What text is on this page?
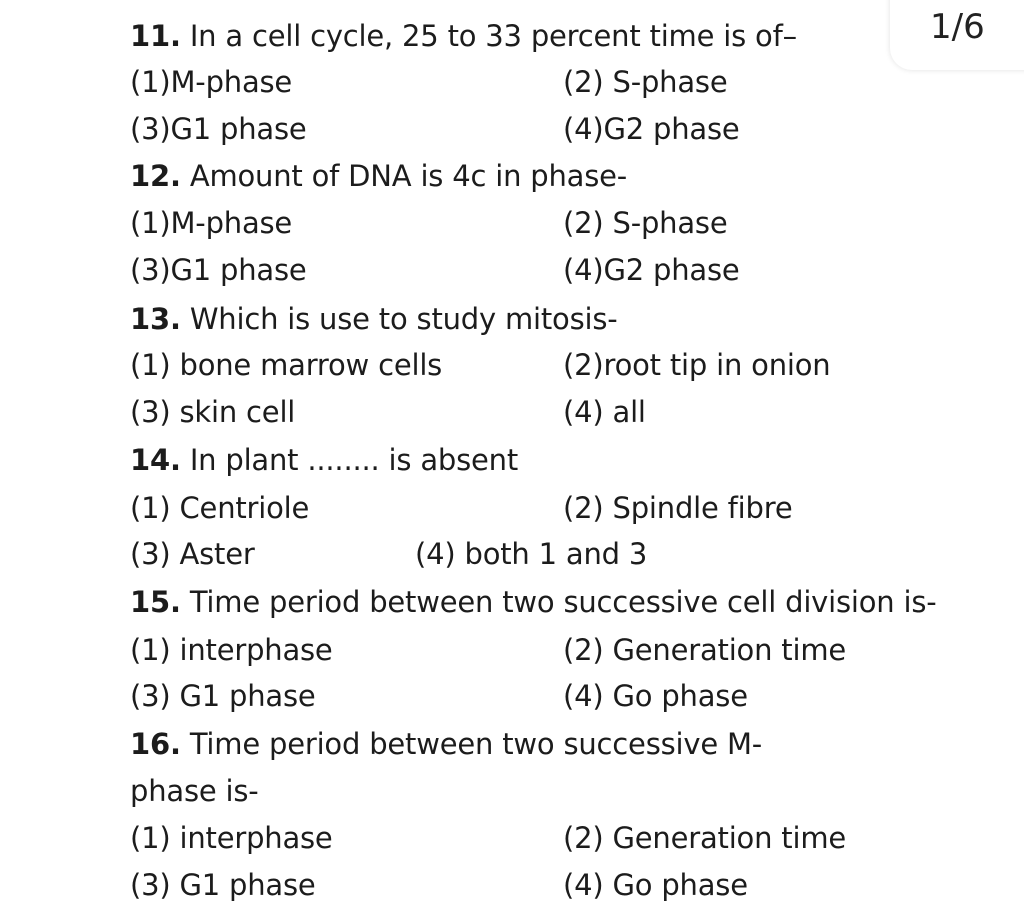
1/6
11. In a cell cycle, 25 to 33 percent time is of–
(1)M-phase	(2) S-phase
(3)G1 phase	(4)G2 phase
12. Amount of DNA is 4c in phase-
(1)M-phase	(2) S-phase
(3)G1 phase	(4)G2 phase
13. Which is use to study mitosis-
(1) bone marrow cells	(2)root tip in onion
(3) skin cell	(4) all
14. In plant ........ is absent
(1) Centriole	(2) Spindle fibre
(3) Aster	(4) both 1 and 3
15. Time period between two successive cell division is-
(1) interphase	(2) Generation time
(3) G1 phase	(4) Go phase
16. Time period between two successive M-
phase is-
(1) interphase	(2) Generation time
(3) G1 phase	(4) Go phase
